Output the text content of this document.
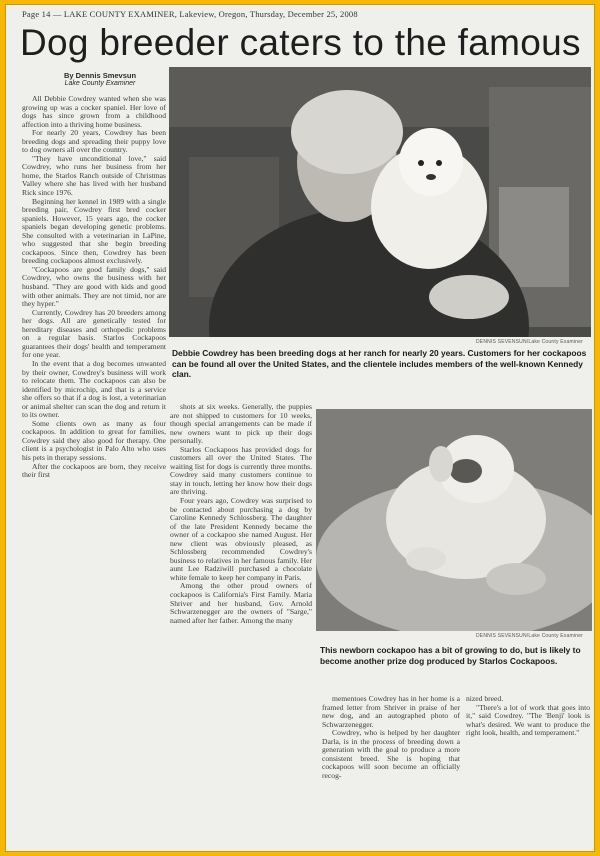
Page 14 — LAKE COUNTY EXAMINER, Lakeview, Oregon, Thursday, December 25, 2008
Dog breeder caters to the famous
By Dennis Smevsun
Lake County Examiner

All Debbie Cowdrey wanted when she was growing up was a cocker spaniel. Her love of dogs has since grown from a childhood affection into a thriving home business.

For nearly 20 years, Cowdrey has been breeding dogs and spreading their puppy love to dog owners all over the country.

"They have unconditional love," said Cowdrey, who runs her business from her home, the Starlos Ranch outside of Christmas Valley where she has lived with her husband Rick since 1976.

Beginning her kennel in 1989 with a single breeding pair, Cowdrey first bred cocker spaniels. However, 15 years ago, the cocker spaniels began developing genetic problems. She consulted with a veterinarian in LaPine, who suggested that she begin breeding cockapoos. Since then, Cowdrey has been breeding cockapoos almost exclusively.

"Cockapoos are good family dogs," said Cowdrey, who owns the business with her husband. "They are good with kids and good with other animals. They are not timid, nor are they hyper."

Currently, Cowdrey has 20 breeders among her dogs. All are genetically tested for hereditary diseases and orthopedic problems on a regular basis. Starlos Cockapoos guarantees their dogs' health and temperament for one year.

In the event that a dog becomes unwanted by their owner, Cowdrey's business will work to relocate them. The cockapoos can also be identified by microchip, and that is a service she offers so that if a dog is lost, a veterinarian or animal shelter can scan the dog and return it to its owner.

Some clients own as many as four cockapoos. In addition to great for families, Cowdrey said they also good for therapy. One client is a psychologist in Palo Alto who uses his pets in therapy sessions.

After the cockapoos are born, they receive their first

DENNIS SEVENSUN/Lake County Examiner
Debbie Cowdrey has been breeding dogs at her ranch for nearly 20 years. Customers for her cockapoos can be found all over the United States, and the clientele includes members of the well-known Kennedy clan.

shots at six weeks. Generally, the puppies are not shipped to customers for 10 weeks, though special arrangements can be made if new owners want to pick up their dogs personally.

Starlos Cockapoos has provided dogs for customers all over the United States. The waiting list for dogs is currently three months. Cowdrey said many customers continue to stay in touch, letting her know how their dogs are thriving.

Four years ago, Cowdrey was surprised to be contacted about purchasing a dog by Caroline Kennedy Schlossberg. The daughter of the late President Kennedy became the owner of a cockapoo she named August. Her new client was obviously pleased, as Schlossberg recommended Cowdrey's business to relatives in her famous family. Her aunt Lee Radziwill purchased a chocolate white female to keep her company in Paris.

Among the other proud owners of cockapoos is California's First Family. Maria Shriver and her husband, Gov. Arnold Schwarzenegger are the owners of "Sarge," named after her father. Among the many

DENNIS SEVENSUN/Lake County Examiner
This newborn cockapoo has a bit of growing to do, but is likely to become another prize dog produced by Starlos Cockapoos.

mementoes Cowdrey has in her home is a framed letter from Shriver in praise of her new dog, and an autographed photo of Schwarzenegger.

Cowdrey, who is helped by her daughter Darla, is in the process of breeding down a generation with the goal to produce a more consistent breed. She is hoping that cockapoos will soon become an officially recog-

nized breed.

"There's a lot of work that goes into it," said Cowdrey. "The 'Benji' look is what's desired. We want to produce the right look, health, and temperament."
